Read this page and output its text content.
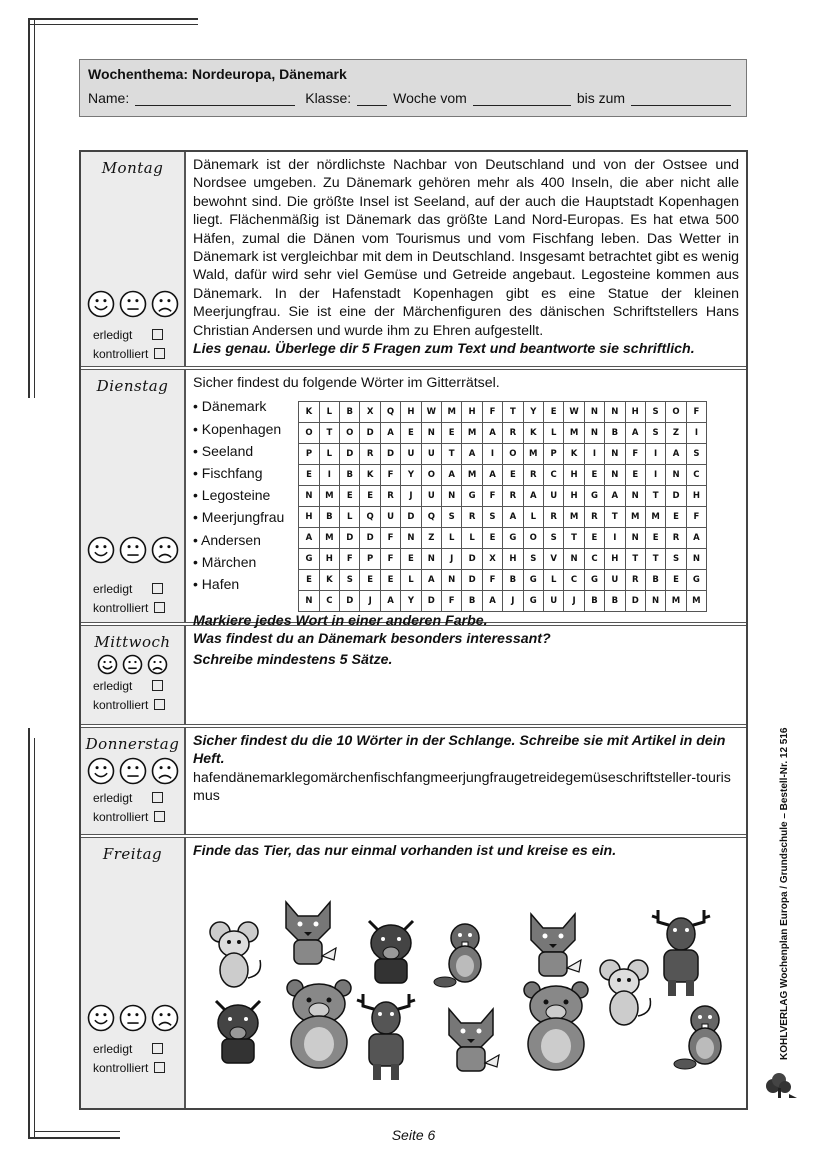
Wochenthema: Nordeuropa, Dänemark
Name:	Klasse:	Woche vom	bis zum
Montag
erledigt
kontrolliert
Dänemark ist der nördlichste Nachbar von Deutschland und von der Ostsee und Nordsee umgeben. Zu Dänemark gehören mehr als 400 Inseln, die aber nicht alle bewohnt sind. Die größte Insel ist Seeland, auf der auch die Hauptstadt Kopenhagen liegt. Flächenmäßig ist Dänemark das größte Land Nord-Europas. Es hat etwa 500 Häfen, zumal die Dänen vom Tourismus und vom Fischfang leben. Das Wetter in Dänemark ist vergleichbar mit dem in Deutschland. Insgesamt betrachtet gibt es wenig Wald, dafür wird sehr viel Gemüse und Getreide angebaut. Legosteine kommen aus Dänemark. In der Hafenstadt Kopenhagen gibt es eine Statue der kleinen Meerjungfrau. Sie ist eine der Märchenfiguren des dänischen Schriftstellers Hans Christian Andersen und wurde ihm zu Ehren aufgestellt.
Lies genau. Überlege dir 5 Fragen zum Text und beantworte sie schriftlich.
Dienstag
erledigt
kontrolliert
Sicher findest du folgende Wörter im Gitterrätsel.
• Dänemark
• Kopenhagen
• Seeland
• Fischfang
• Legosteine
• Meerjungfrau
• Andersen
• Märchen
• Hafen
K	L	B	X	Q	H	W	M	H	F	T	Y	E	W	N	N	H	S	O	F
O	T	O	D	A	E	N	E	M	A	R	K	L	M	N	B	A	S	Z	I
P	L	D	R	D	U	U	T	A	I	O	M	P	K	I	N	F	I	A	S
E	I	B	K	F	Y	O	A	M	A	E	R	C	H	E	N	E	I	N	C
N	M	E	E	R	J	U	N	G	F	R	A	U	H	G	A	N	T	D	H
H	B	L	Q	U	D	Q	S	R	S	A	L	R	M	R	T	M	M	E	F
A	M	D	D	F	N	Z	L	L	E	G	O	S	T	E	I	N	E	R	A
G	H	F	P	F	E	N	J	D	X	H	S	V	N	C	H	T	T	S	N
E	K	S	E	E	L	A	N	D	F	B	G	L	C	G	U	R	B	E	G
N	C	D	J	A	Y	D	F	B	A	J	G	U	J	B	B	D	N	M	M
Markiere jedes Wort in einer anderen Farbe.
Mittwoch
erledigt
kontrolliert
Was findest du an Dänemark besonders interessant?
Schreibe mindestens 5 Sätze.
Donnerstag
erledigt
kontrolliert
Sicher findest du die 10 Wörter in der Schlange. Schreibe sie mit Artikel in dein Heft.
hafendänemarklegomärchenfischfangmeerjungfraugetreidegemüseschriftsteller-tourismus
Freitag
erledigt
kontrolliert
Finde das Tier, das nur einmal vorhanden ist und kreise es ein.
Seite 6
KOHLVERLAG Wochenplan Europa / Grundschule – Bestell-Nr. 12 516
